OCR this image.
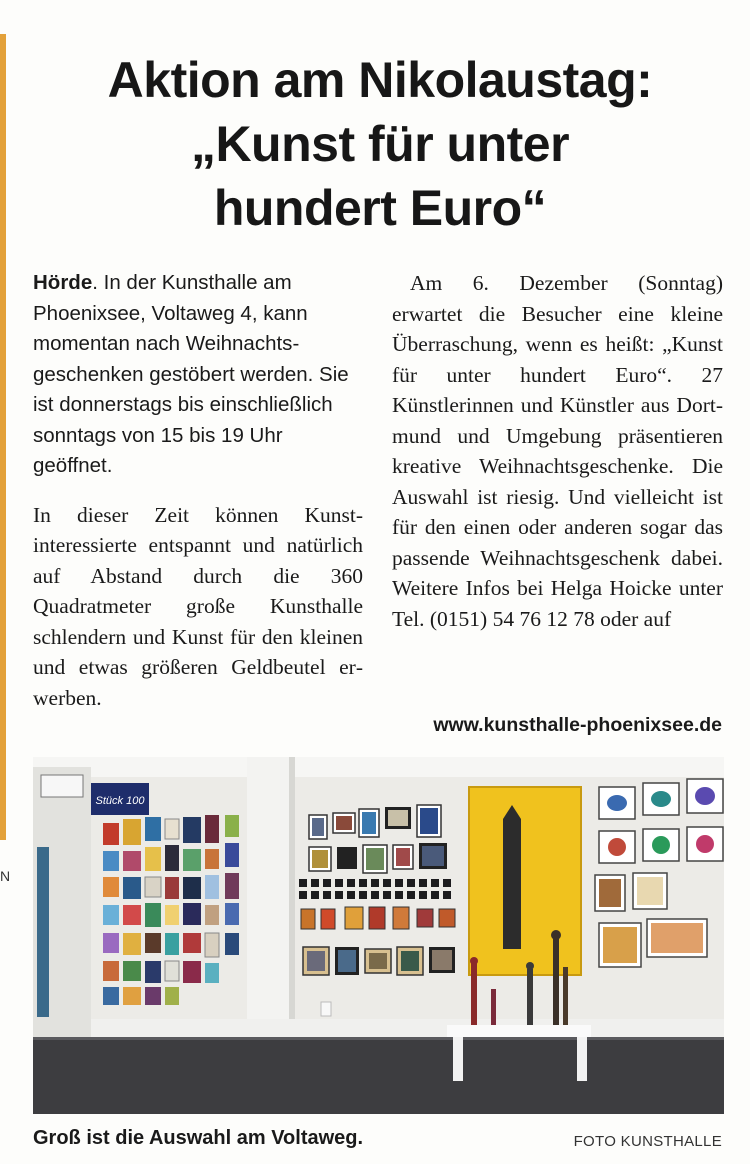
N
Aktion am Nikolaustag:
„Kunst für unter
hundert Euro“

Hörde. In der Kunsthalle am Phoenixsee, Voltaweg 4, kann momentan nach Weihnachtsgeschenken gestöbert werden. Sie ist donnerstags bis einschließlich sonntags von 15 bis 19 Uhr geöffnet.

In dieser Zeit können Kunstinteressierte entspannt und natürlich auf Abstand durch die 360 Quadratmeter große Kunsthalle schlendern und Kunst für den kleinen und etwas größeren Geldbeutel erwerben.

Am 6. Dezember (Sonntag) erwartet die Besucher eine kleine Überraschung, wenn es heißt: „Kunst für unter hundert Euro“. 27 Künstlerinnen und Künstler aus Dortmund und Umgebung präsentieren kreative Weihnachtsgeschenke. Die Auswahl ist riesig. Und vielleicht ist für den einen oder anderen sogar das passende Weihnachtsgeschenk dabei. Weitere Infos bei Helga Hoicke unter Tel. (0151) 54 76 12 78 oder auf

www.kunsthalle-phoenixsee.de
Stück 100
Groß ist die Auswahl am Voltaweg.	FOTO KUNSTHALLE
